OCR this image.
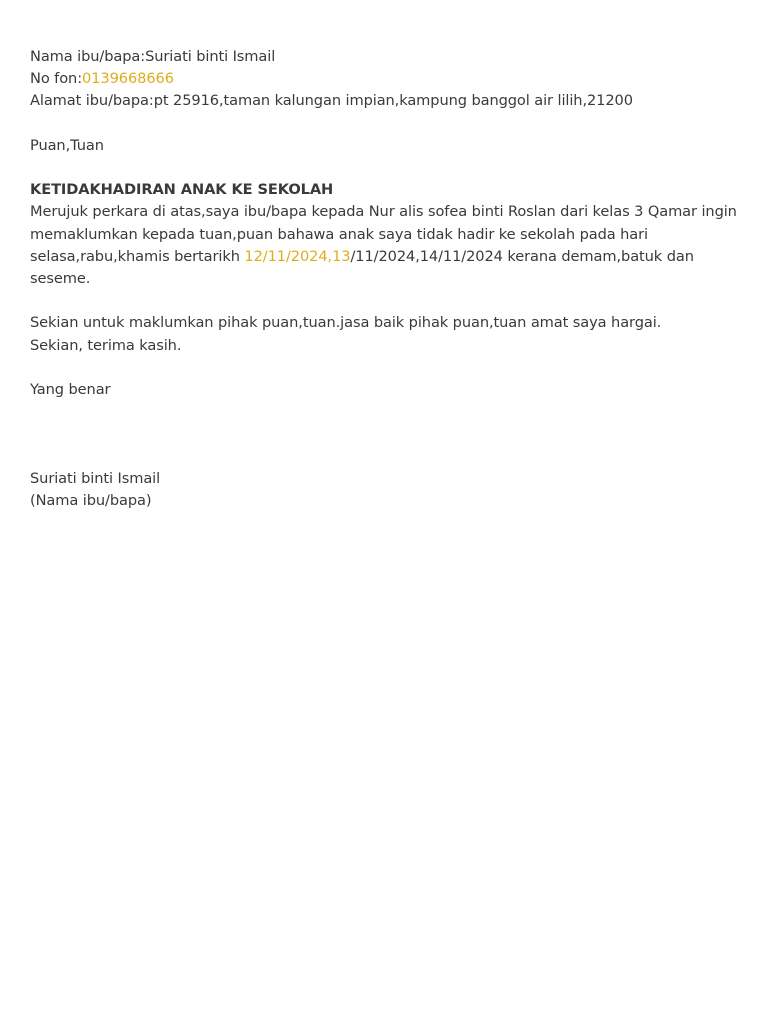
Nama ibu/bapa:Suriati binti Ismail
No fon:0139668666
Alamat ibu/bapa:pt 25916,taman kalungan impian,kampung banggol air lilih,21200
Puan,Tuan
KETIDAKHADIRAN ANAK KE SEKOLAH

Merujuk perkara di atas,saya ibu/bapa kepada Nur alis sofea binti Roslan dari kelas 3 Qamar ingin memaklumkan kepada tuan,puan bahawa anak saya tidak hadir ke sekolah pada hari selasa,rabu,khamis bertarikh 12/11/2024,13/11/2024,14/11/2024 kerana demam,batuk dan seseme.

Sekian untuk maklumkan pihak puan,tuan.jasa baik pihak puan,tuan amat saya hargai.
Sekian, terima kasih.
Yang benar
Suriati binti Ismail
(Nama ibu/bapa)
